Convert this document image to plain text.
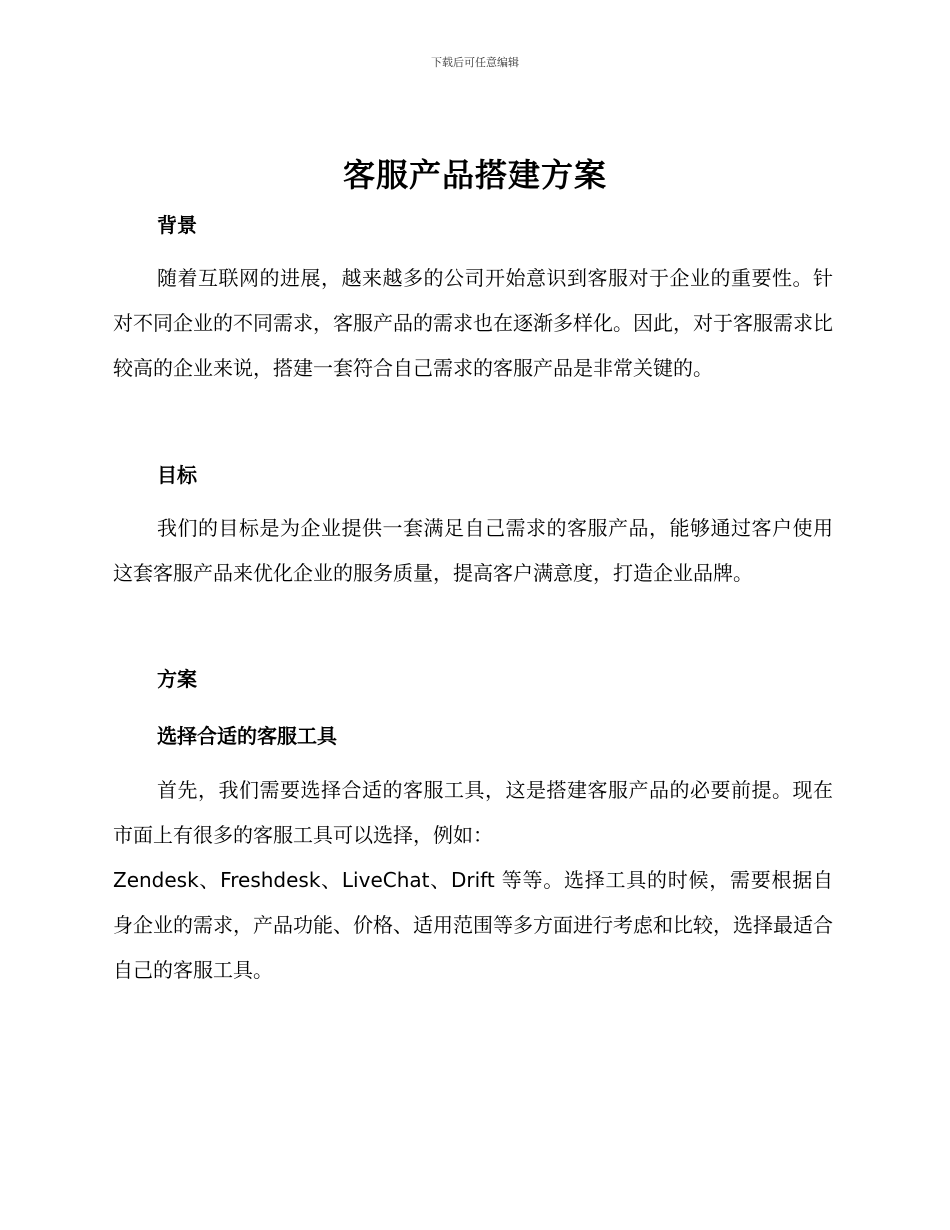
下载后可任意编辑
客服产品搭建方案
背景

随着互联网的进展，越来越多的公司开始意识到客服对于企业的重要性。针对不同企业的不同需求，客服产品的需求也在逐渐多样化。因此，对于客服需求比较高的企业来说，搭建一套符合自己需求的客服产品是非常关键的。

目标

我们的目标是为企业提供一套满足自己需求的客服产品，能够通过客户使用这套客服产品来优化企业的服务质量，提高客户满意度，打造企业品牌。

方案
选择合适的客服工具

首先，我们需要选择合适的客服工具，这是搭建客服产品的必要前提。现在市面上有很多的客服工具可以选择，例如：

Zendesk、Freshdesk、LiveChat、Drift 等等。选择工具的时候，需要根据自身企业的需求，产品功能、价格、适用范围等多方面进行考虑和比较，选择最适合自己的客服工具。
